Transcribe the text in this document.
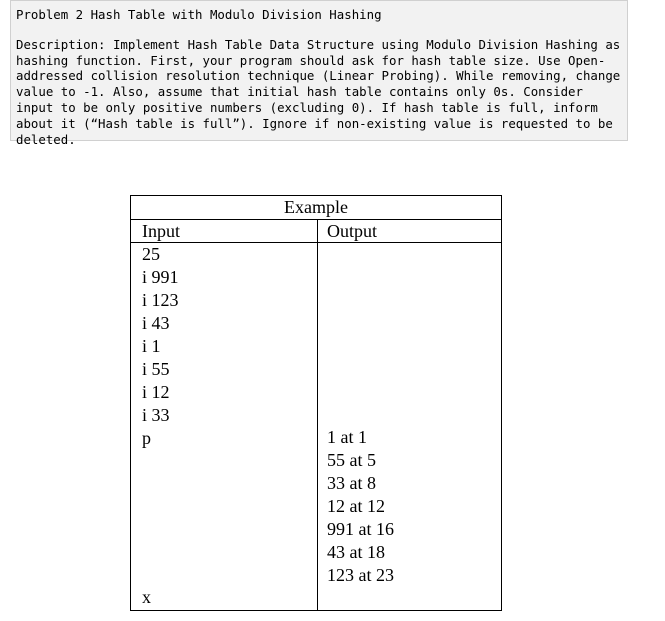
Problem 2 Hash Table with Modulo Division Hashing
Description: Implement Hash Table Data Structure using Modulo Division Hashing as hashing function. First, your program should ask for hash table size. Use Open-addressed collision resolution technique (Linear Probing). While removing, change value to -1. Also, assume that initial hash table contains only 0s. Consider input to be only positive numbers (excluding 0). If hash table is full, inform about it (“Hash table is full”). Ignore if non-existing value is requested to be deleted.
Example
Input	Output
25
i 991
i 123
i 43
i 1
i 55
i 12
i 33
p
x
1 at 1
55 at 5
33 at 8
12 at 12
991 at 16
43 at 18
123 at 23
